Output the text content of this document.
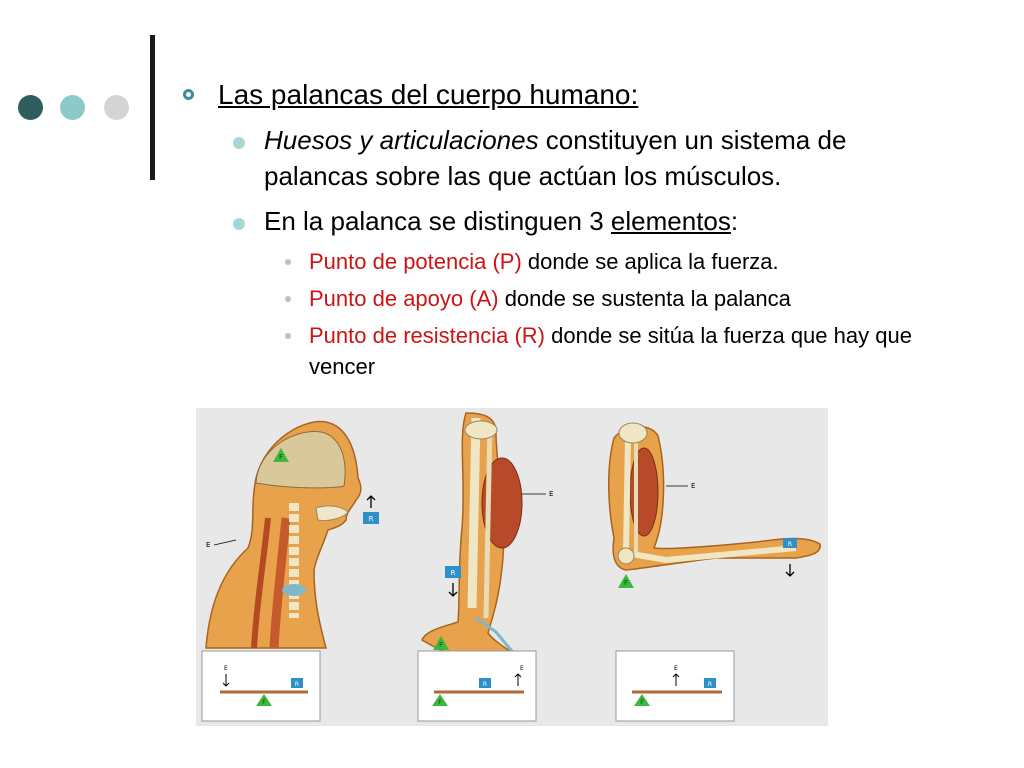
Las palancas del cuerpo humano:
Huesos y articulaciones constituyen un sistema de
palancas sobre las que actúan los músculos.
En la palanca se distinguen 3 elementos:
Punto de potencia (P) donde se aplica la fuerza.
Punto de apoyo (A) donde se sustenta la palanca
Punto de resistencia (R) donde se sitúa la fuerza que hay que
vencer
F
R
E
R
F
E
F
R
E
F
R
E
F
R
E
F
R
E
